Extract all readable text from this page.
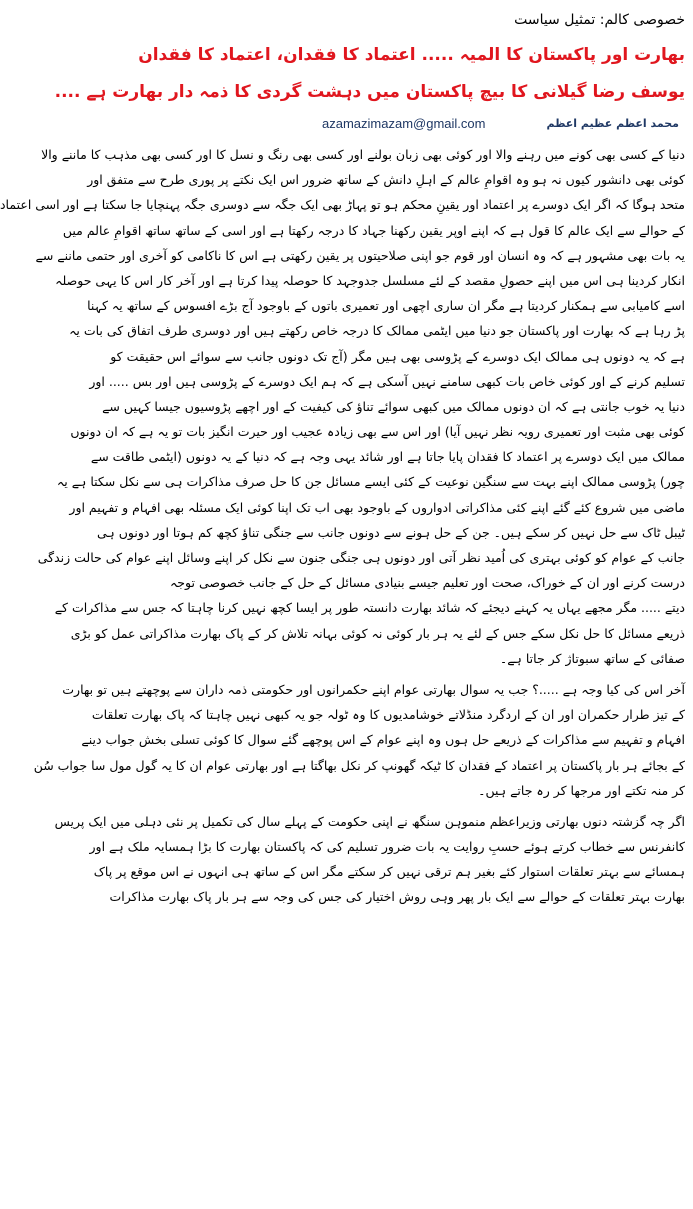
خصوصی کالم: تمثیل سیاست
بھارت اور پاکستان کا المیہ ..... اعتماد کا فقدان، اعتماد کا فقدان
یوسف رضا گیلانی کا بیچ پاکستان میں دہشت گردی کا ذمہ دار بھارت ہے ....
محمد اعظم عظیم اعظم
azamazimazam@gmail.com
دنیا کے کسی بھی کونے میں رہنے والا اور کوئی بھی زبان بولنے اور کسی بھی رنگ و نسل کا اور کسی بھی مذہب کا ماننے والا
کوئی بھی دانشور کیوں نہ ہو وہ اقوامِ عالم کے اہلِ دانش کے ساتھ ضرور اس ایک نکتے پر پوری طرح سے متفق اور
متحد ہوگا کہ اگر ایک دوسرے پر اعتماد اور یقینِ محکم ہو تو پہاڑ بھی ایک جگہ سے دوسری جگہ پہنچایا جا سکتا ہے اور اسی اعتماد
کے حوالے سے ایک عالم کا قول ہے کہ اپنے اوپر یقین رکھنا جہاد کا درجہ رکھتا ہے اور اسی کے ساتھ ساتھ اقوامِ عالم میں
یہ بات بھی مشہور ہے کہ وہ انسان اور قوم جو اپنی صلاحیتوں پر یقین رکھتی ہے اس کا ناکامی کو آخری اور حتمی ماننے سے
انکار کردینا ہی اس میں اپنے حصولِ مقصد کے لئے مسلسل جدوجہد کا حوصلہ پیدا کرتا ہے اور آخر کار اس کا یہی حوصلہ
اسے کامیابی سے ہمکنار کردیتا ہے مگر ان ساری اچھی اور تعمیری باتوں کے باوجود آج بڑے افسوس کے ساتھ یہ کہنا
پڑ رہا ہے کہ بھارت اور پاکستان جو دنیا میں ایٹمی ممالک کا درجہ خاص رکھتے ہیں اور دوسری طرف اتفاق کی بات یہ
ہے کہ یہ دونوں ہی ممالک ایک دوسرے کے پڑوسی بھی ہیں مگر (آج تک دونوں جانب سے سوائے اس حقیقت کو
تسلیم کرنے کے اور کوئی خاص بات کبھی سامنے نہیں آسکی ہے کہ ہم ایک دوسرے کے پڑوسی ہیں اور بس ..... اور
دنیا یہ خوب جانتی ہے کہ ان دونوں ممالک میں کبھی سوائے تناؤ کی کیفیت کے اور اچھے پڑوسیوں جیسا کہیں سے
کوئی بھی مثبت اور تعمیری رویہ نظر نہیں آیا) اور اس سے بھی زیادہ عجیب اور حیرت انگیز بات تو یہ ہے کہ ان دونوں
ممالک میں ایک دوسرے پر اعتماد کا فقدان پایا جاتا ہے اور شائد یہی وجہ ہے کہ دنیا کے یہ دونوں (ایٹمی طاقت سے
چور) پڑوسی ممالک اپنے بہت سے سنگین نوعیت کے کئی ایسے مسائل جن کا حل صرف مذاکرات ہی سے نکل سکتا ہے یہ
ماضی میں شروع کئے گئے اپنے کئی مذاکراتی ادواروں کے باوجود بھی اب تک اپنا کوئی ایک مسئلہ بھی افہام و تفہیم اور
ٹیبل ٹاک سے حل نہیں کر سکے ہیں۔ جن کے حل ہونے سے دونوں جانب سے جنگی تناؤ کچھ کم ہوتا اور دونوں ہی
جانب کے عوام کو کوئی بہتری کی اُمید نظر آتی اور دونوں ہی جنگی جنون سے نکل کر اپنے وسائل اپنے عوام کی حالت زندگی
درست کرنے اور ان کے خوراک، صحت اور تعلیم جیسے بنیادی مسائل کے حل کے جانب خصوصی توجہ
دیتے ..... مگر مجھے یہاں یہ کہنے دیجئے کہ شائد بھارت دانستہ طور پر ایسا کچھ نہیں کرنا چاہتا کہ جس سے مذاکرات کے
ذریعے مسائل کا حل نکل سکے جس کے لئے یہ ہر بار کوئی نہ کوئی بہانہ تلاش کر کے پاک بھارت مذاکراتی عمل کو بڑی
صفائی کے ساتھ سبوتاژ کر جاتا ہے۔
آخر اس کی کیا وجہ ہے .....؟ جب یہ سوال بھارتی عوام اپنے حکمرانوں اور حکومتی ذمہ داران سے پوچھتے ہیں تو بھارت
کے تیز طرار حکمران اور ان کے اردگرد منڈلاتے خوشامدیوں کا وہ ٹولہ جو یہ کبھی نہیں چاہتا کہ پاک بھارت تعلقات
افہام و تفہیم سے مذاکرات کے ذریعے حل ہوں وہ اپنے عوام کے اس پوچھے گئے سوال کا کوئی تسلی بخش جواب دینے
کے بجائے ہر بار پاکستان پر اعتماد کے فقدان کا ٹیکہ گھونپ کر نکل بھاگتا ہے اور بھارتی عوام ان کا یہ گول مول سا جواب سُن
کر منہ تکتے اور مرجھا کر رہ جاتے ہیں۔
اگر چہ گزشتہ دنوں بھارتی وزیراعظم منموہن سنگھ نے اپنی حکومت کے پہلے سال کی تکمیل پر نئی دہلی میں ایک پریس
کانفرنس سے خطاب کرتے ہوئے حسبِ روایت یہ بات ضرور تسلیم کی کہ پاکستان بھارت کا بڑا ہمسایہ ملک ہے اور
ہمسائے سے بہتر تعلقات استوار کئے بغیر ہم ترقی نہیں کر سکتے مگر اس کے ساتھ ہی انہوں نے اس موقع پر پاک
بھارت بہتر تعلقات کے حوالے سے ایک بار پھر وہی روش اختیار کی جس کی وجہ سے ہر بار پاک بھارت مذاکرات
